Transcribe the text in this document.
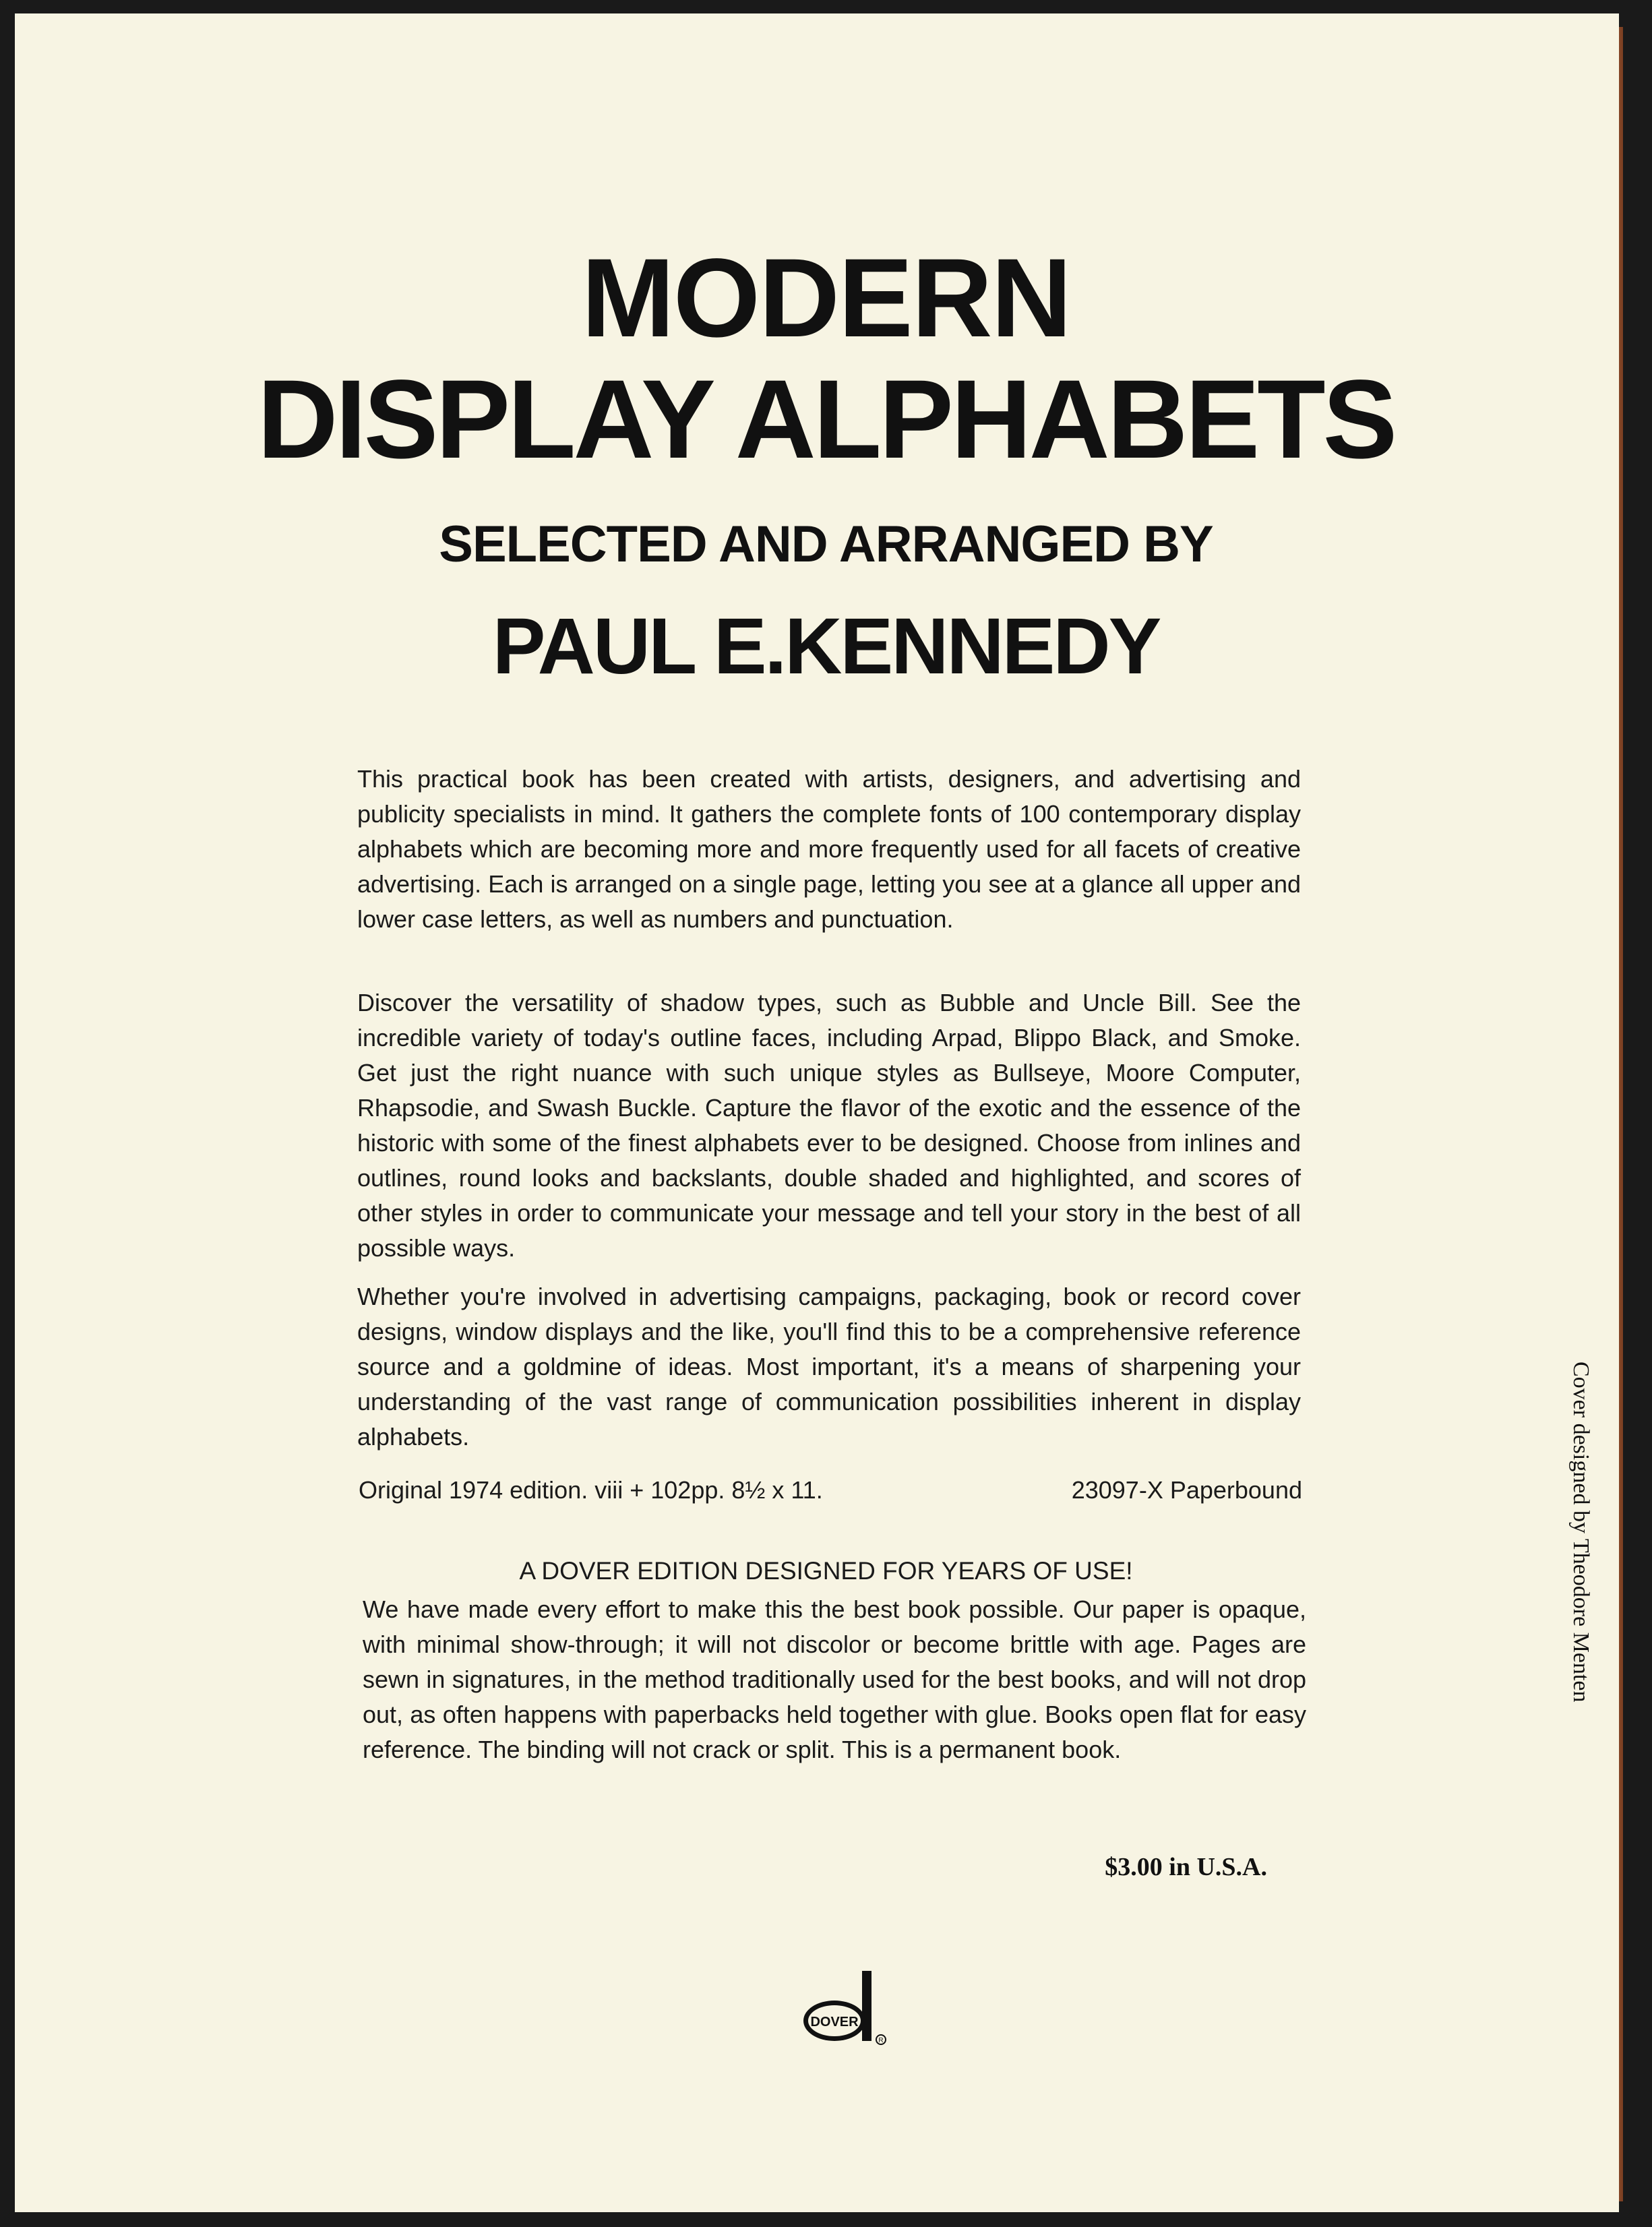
MODERN
DISPLAY ALPHABETS
SELECTED AND ARRANGED BY
PAUL E.KENNEDY

This practical book has been created with artists, designers, and advertising and publicity specialists in mind. It gathers the complete fonts of 100 contemporary display alphabets which are becoming more and more frequently used for all facets of creative advertising. Each is arranged on a single page, letting you see at a glance all upper and lower case letters, as well as numbers and punctuation.

Discover the versatility of shadow types, such as Bubble and Uncle Bill. See the incredible variety of today's outline faces, including Arpad, Blippo Black, and Smoke. Get just the right nuance with such unique styles as Bullseye, Moore Computer, Rhapsodie, and Swash Buckle. Capture the flavor of the exotic and the essence of the historic with some of the finest alphabets ever to be designed. Choose from inlines and outlines, round looks and backslants, double shaded and highlighted, and scores of other styles in order to communicate your message and tell your story in the best of all possible ways.

Whether you're involved in advertising campaigns, packaging, book or record cover designs, window displays and the like, you'll find this to be a comprehensive reference source and a goldmine of ideas. Most important, it's a means of sharpening your understanding of the vast range of communication possibilities inherent in display alphabets.

Original 1974 edition. viii + 102pp. 8½ x 11.	23097-X Paperbound
A DOVER EDITION DESIGNED FOR YEARS OF USE!

We have made every effort to make this the best book possible. Our paper is opaque, with minimal show-through; it will not discolor or become brittle with age. Pages are sewn in signatures, in the method traditionally used for the best books, and will not drop out, as often happens with paperbacks held together with glue. Books open flat for easy reference. The binding will not crack or split. This is a permanent book.

$3.00 in U.S.A.
Cover designed by Theodore Menten
DOVER
R
